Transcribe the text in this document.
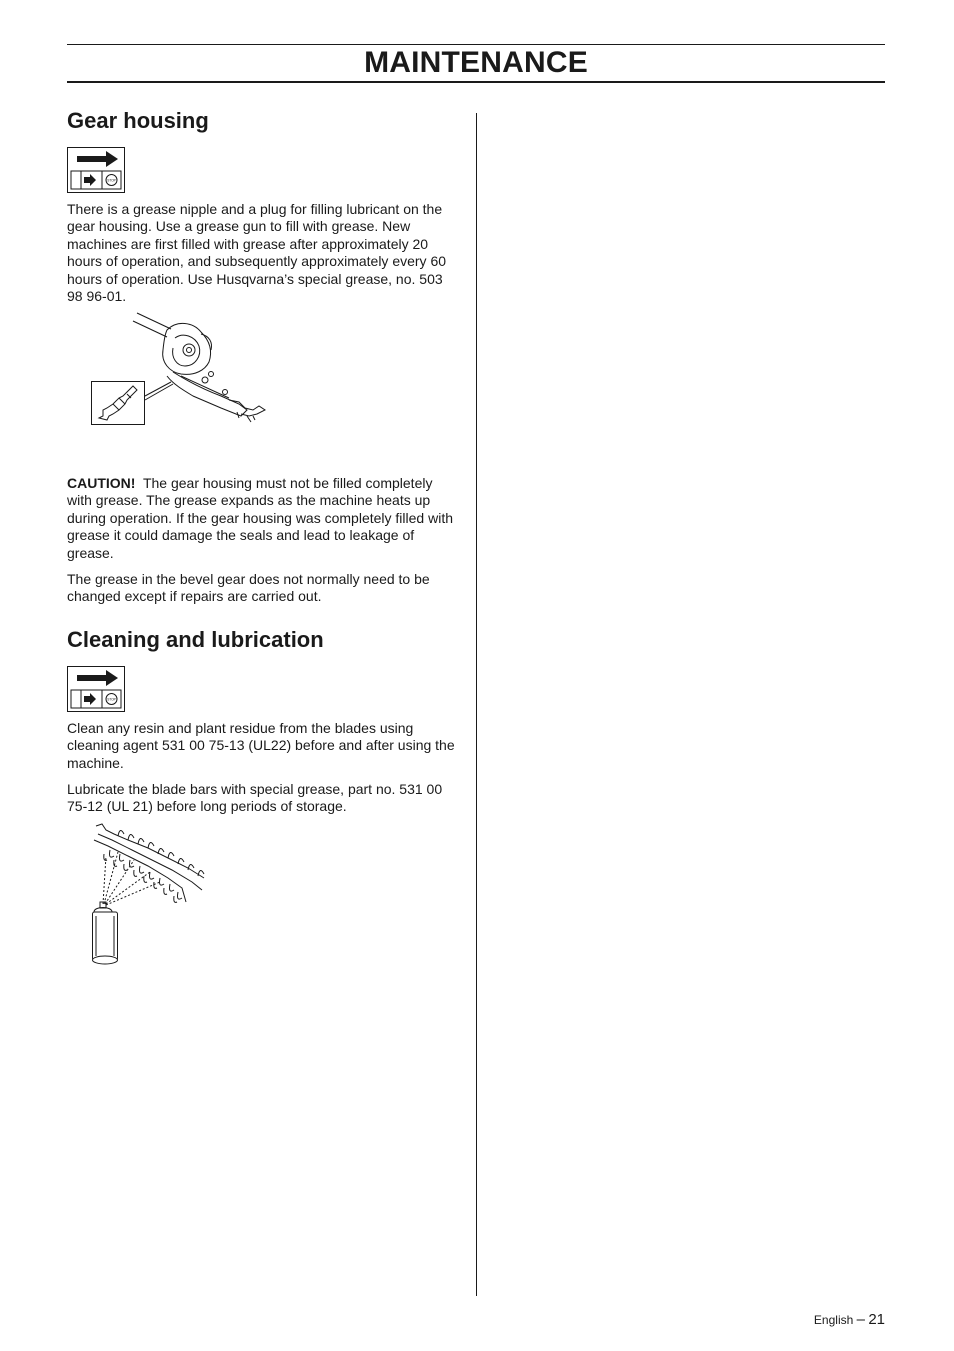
MAINTENANCE
Gear housing
STOP

There is a grease nipple and a plug for filling lubricant on the gear housing. Use a grease gun to fill with grease. New machines are first filled with grease after approximately 20 hours of operation, and subsequently approximately every 60 hours of operation. Use Husqvarna’s special grease, no. 503 98 96-01.

CAUTION! The gear housing must not be filled completely with grease. The grease expands as the machine heats up during operation. If the gear housing was completely filled with grease it could damage the seals and lead to leakage of grease.

The grease in the bevel gear does not normally need to be changed except if repairs are carried out.

Cleaning and lubrication
STOP

Clean any resin and plant residue from the blades using cleaning agent 531 00 75-13 (UL22) before and after using the machine.

Lubricate the blade bars with special grease, part no. 531 00 75-12 (UL 21) before long periods of storage.

English – 21
